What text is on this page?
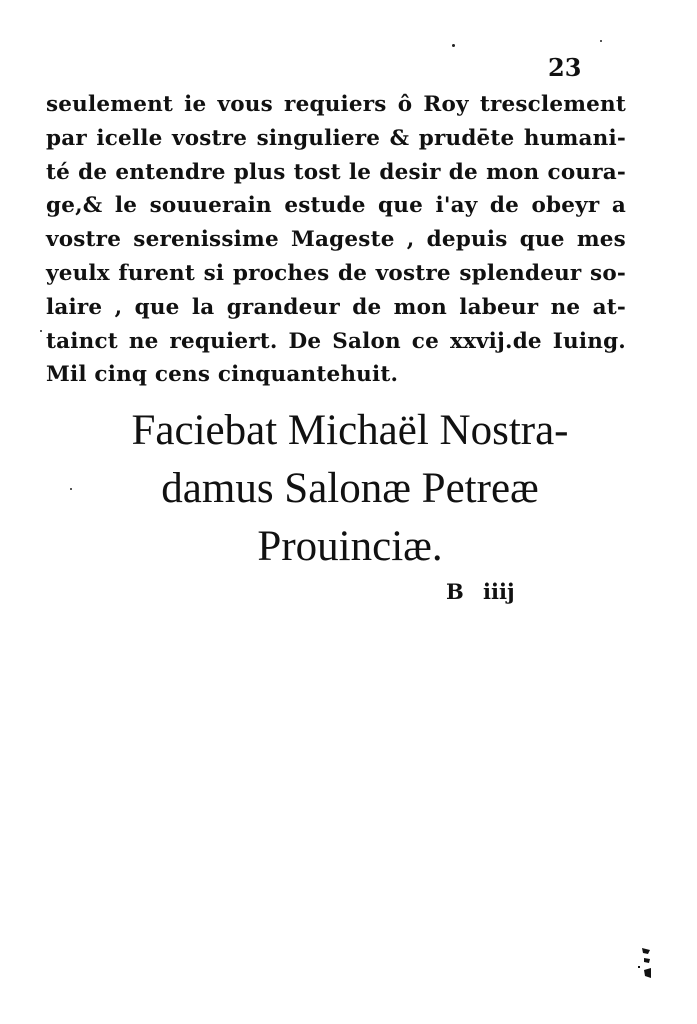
23
seulement ie vous requiers ô Roy tresclement
par icelle vostre singuliere & prudēte humani-
té de entendre plus tost le desir de mon coura-
ge,& le souuerain estude que i'ay de obeyr a
vostre serenissime Mageste , depuis que mes
yeulx furent si proches de vostre splendeur so-
laire , que la grandeur de mon labeur ne at-
tainct ne requiert. De Salon ce xxvij.de Iuing.
Mil cinq cens cinquantehuit.
Faciebat Michaël Nostra-
damus Salonæ Petreæ
Prouinciæ.
B iiij
